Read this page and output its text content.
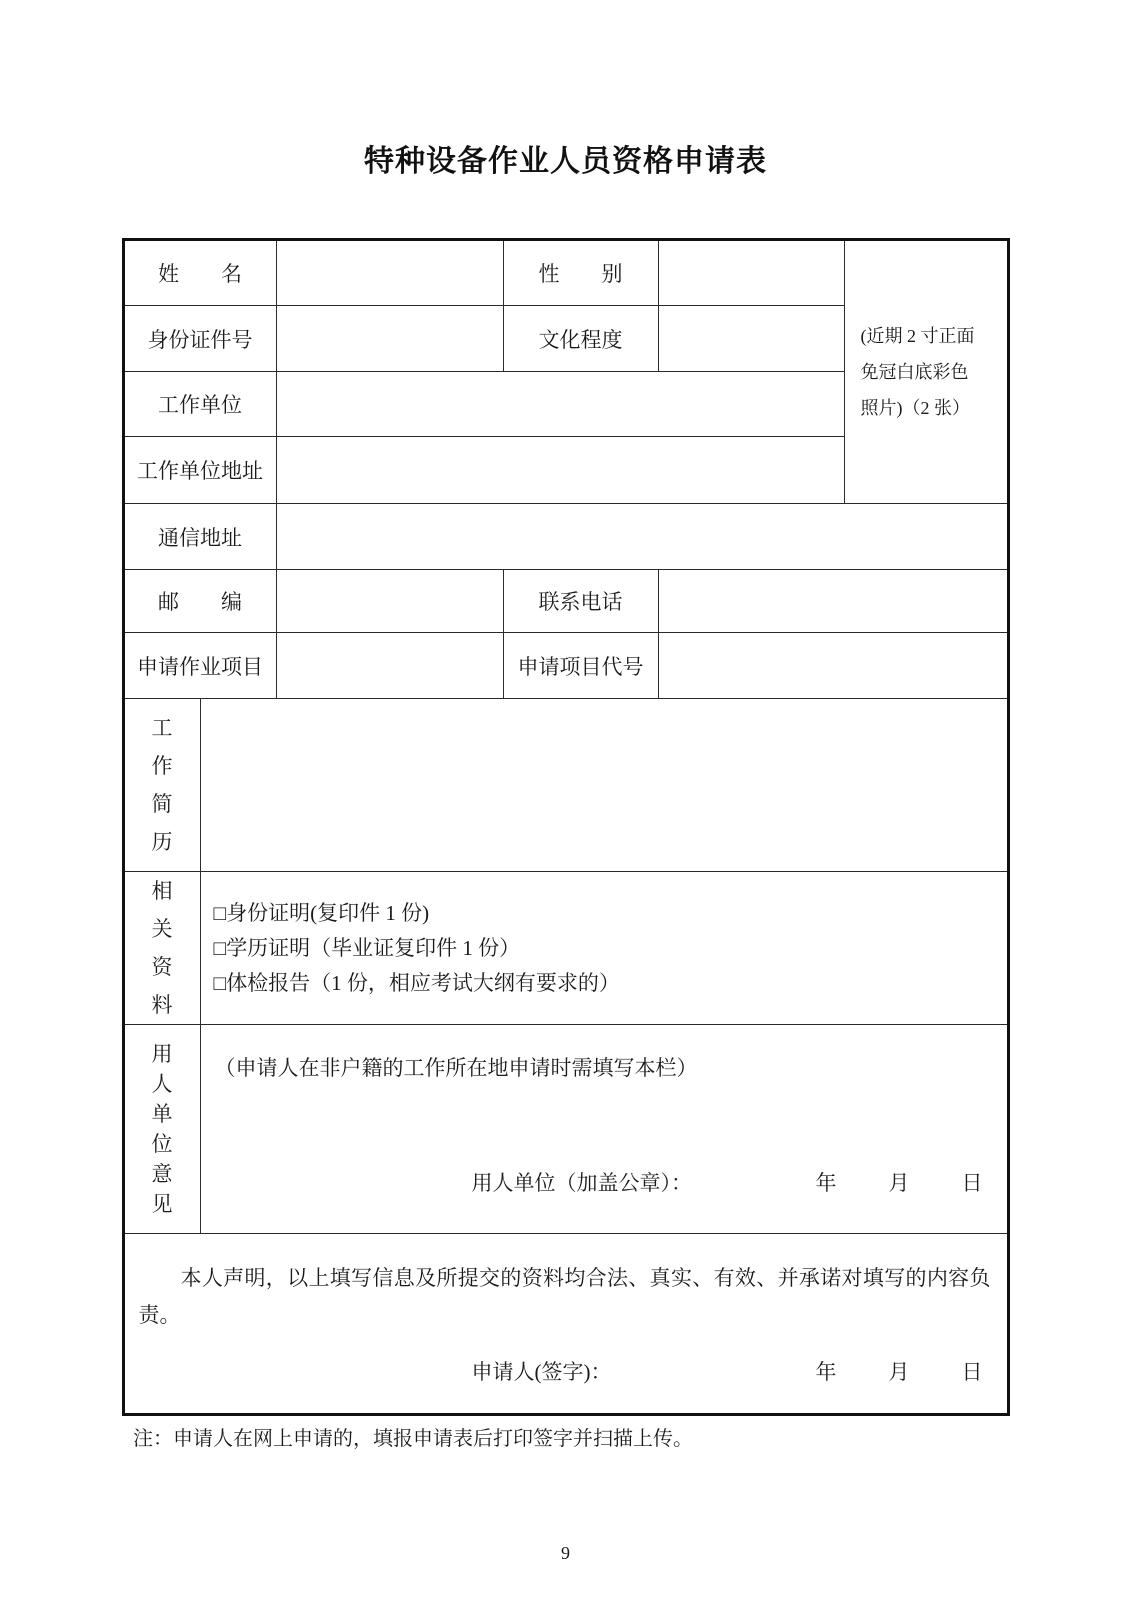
特种设备作业人员资格申请表
姓　　名			性　　别		(近期 2 寸正面
免冠白底彩色
照片)（2 张）

身份证件号			文化程度		
工作单位					
工作单位地址					
通信地址					
邮　　编			联系电话		
申请作业项目			申请项目代号		

工作简历					

相关资料	□身份证明(复印件 1 份)
□学历证明（毕业证复印件 1 份）
□体检报告（1 份，相应考试大纲有要求的）				

用人单位意见	（申请人在非户籍的工作所在地申请时需填写本栏）
用人单位（加盖公章）： 年 月 日				

本人声明，以上填写信息及所提交的资料均合法、真实、有效、并承诺对填写的内容负责。
申请人(签字)： 年 月 日					
注：申请人在网上申请的，填报申请表后打印签字并扫描上传。
9
